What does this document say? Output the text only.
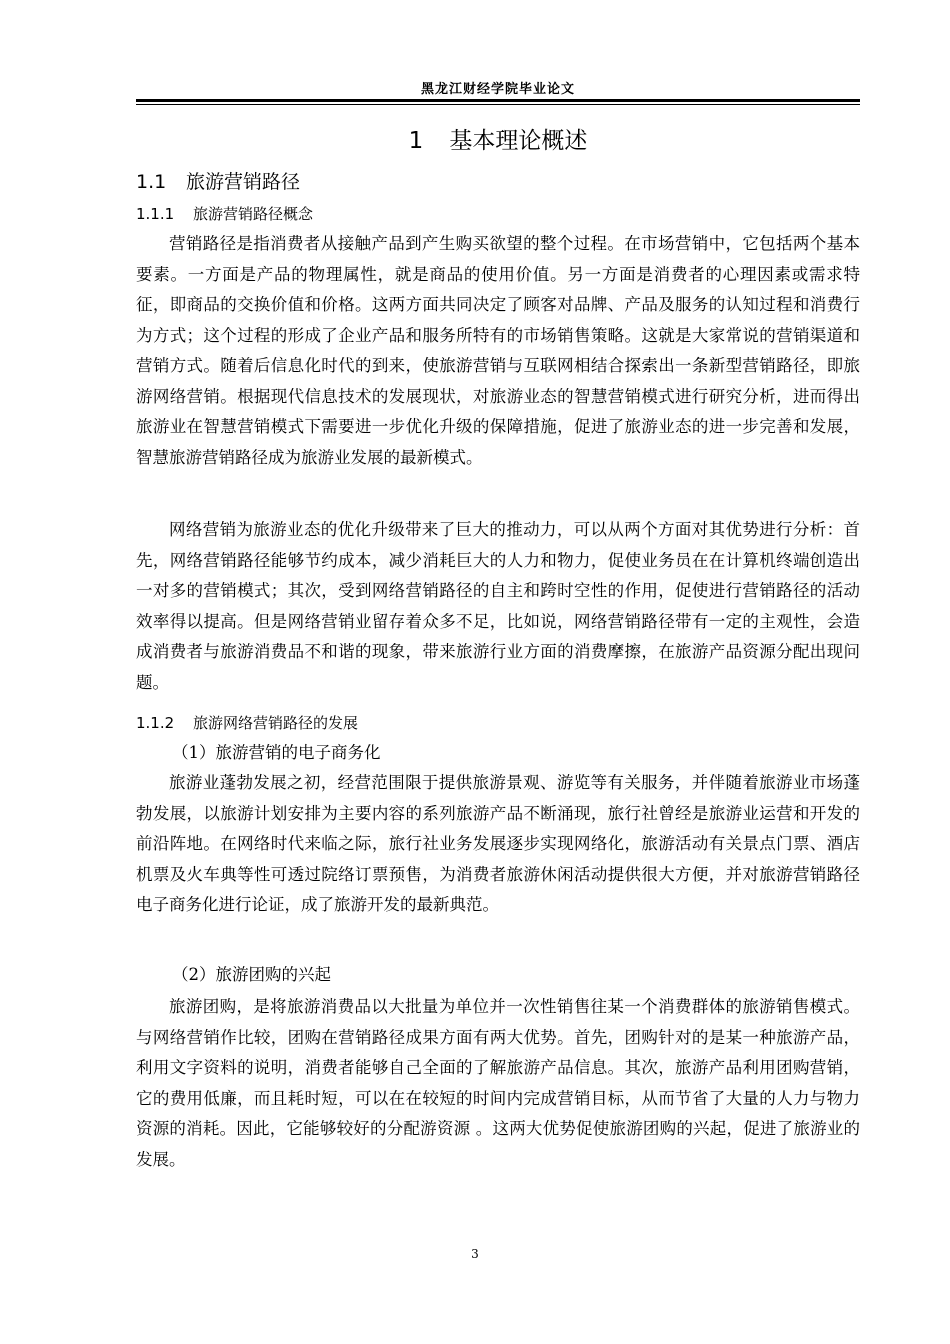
黑龙江财经学院毕业论文
1 基本理论概述
1.1 旅游营销路径
1.1.1 旅游营销路径概念

营销路径是指消费者从接触产品到产生购买欲望的整个过程。在市场营销中，它包括两个基本要素。一方面是产品的物理属性，就是商品的使用价值。另一方面是消费者的心理因素或需求特征，即商品的交换价值和价格。这两方面共同决定了顾客对品牌、产品及服务的认知过程和消费行为方式；这个过程的形成了企业产品和服务所特有的市场销售策略。这就是大家常说的营销渠道和营销方式。随着后信息化时代的到来，使旅游营销与互联网相结合探索出一条新型营销路径，即旅游网络营销。根据现代信息技术的发展现状，对旅游业态的智慧营销模式进行研究分析，进而得出旅游业在智慧营销模式下需要进一步优化升级的保障措施，促进了旅游业态的进一步完善和发展，智慧旅游营销路径成为旅游业发展的最新模式。

网络营销为旅游业态的优化升级带来了巨大的推动力，可以从两个方面对其优势进行分析：首先，网络营销路径能够节约成本，减少消耗巨大的人力和物力，促使业务员在在计算机终端创造出一对多的营销模式；其次，受到网络营销路径的自主和跨时空性的作用，促使进行营销路径的活动效率得以提高。但是网络营销业留存着众多不足，比如说，网络营销路径带有一定的主观性，会造成消费者与旅游消费品不和谐的现象，带来旅游行业方面的消费摩擦，在旅游产品资源分配出现问题。

1.1.2 旅游网络营销路径的发展
（1）旅游营销的电子商务化

旅游业蓬勃发展之初，经营范围限于提供旅游景观、游览等有关服务，并伴随着旅游业市场蓬勃发展，以旅游计划安排为主要内容的系列旅游产品不断涌现，旅行社曾经是旅游业运营和开发的前沿阵地。在网络时代来临之际，旅行社业务发展逐步实现网络化，旅游活动有关景点门票、酒店机票及火车典等性可透过院络订票预售，为消费者旅游休闲活动提供很大方便，并对旅游营销路径电子商务化进行论证，成了旅游开发的最新典范。

（2）旅游团购的兴起

旅游团购，是将旅游消费品以大批量为单位并一次性销售往某一个消费群体的旅游销售模式。与网络营销作比较，团购在营销路径成果方面有两大优势。首先，团购针对的是某一种旅游产品，利用文字资料的说明，消费者能够自己全面的了解旅游产品信息。其次，旅游产品利用团购营销，它的费用低廉，而且耗时短，可以在在较短的时间内完成营销目标，从而节省了大量的人力与物力资源的消耗。因此，它能够较好的分配游资源 。这两大优势促使旅游团购的兴起，促进了旅游业的发展。

3
